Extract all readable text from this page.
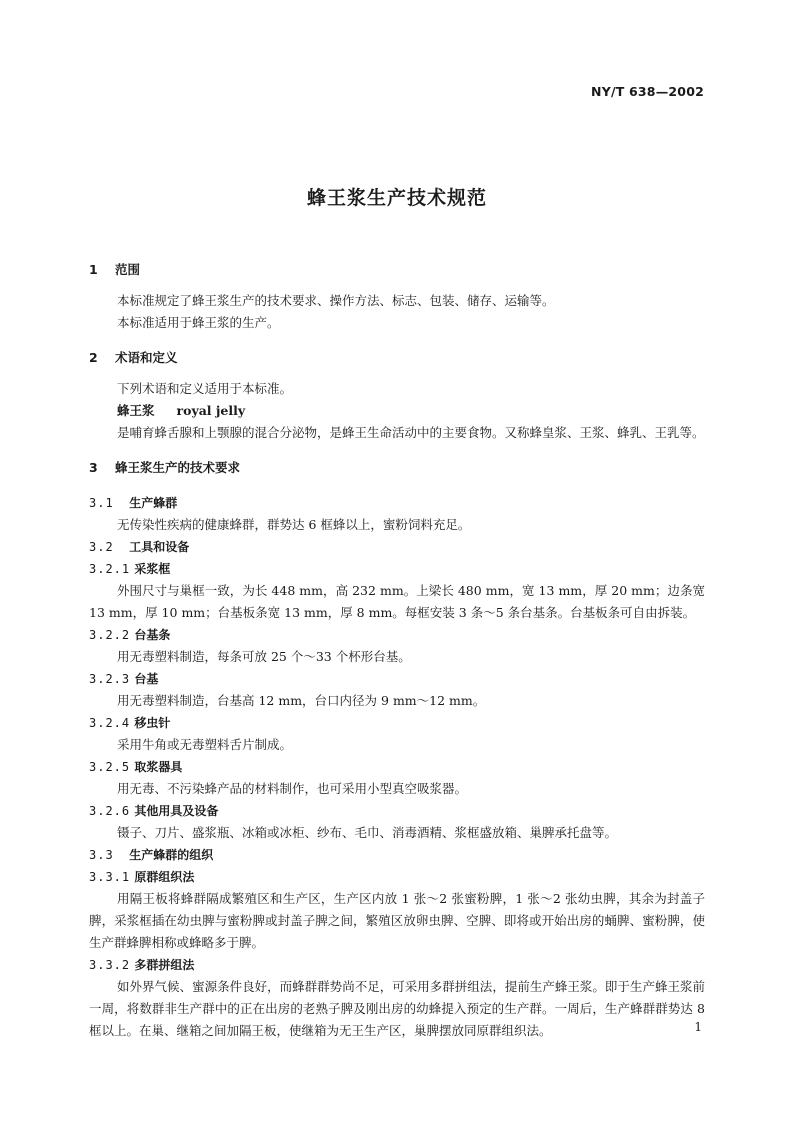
NY/T 638—2002
蜂王浆生产技术规范
1 范围

本标准规定了蜂王浆生产的技术要求、操作方法、标志、包装、储存、运输等。

本标准适用于蜂王浆的生产。

2 术语和定义

下列术语和定义适用于本标准。

蜂王浆 royal jelly

是哺育蜂舌腺和上颚腺的混合分泌物，是蜂王生命活动中的主要食物。又称蜂皇浆、王浆、蜂乳、王乳等。

3 蜂王浆生产的技术要求
3.1 生产蜂群

无传染性疾病的健康蜂群，群势达 6 框蜂以上，蜜粉饲料充足。

3.2 工具和设备
3.2.1 采浆框

外围尺寸与巢框一致，为长 448 mm，高 232 mm。上梁长 480 mm，宽 13 mm，厚 20 mm；边条宽 13 mm，厚 10 mm；台基板条宽 13 mm，厚 8 mm。每框安装 3 条～5 条台基条。台基板条可自由拆装。

3.2.2 台基条

用无毒塑料制造，每条可放 25 个～33 个杯形台基。

3.2.3 台基

用无毒塑料制造，台基高 12 mm，台口内径为 9 mm～12 mm。

3.2.4 移虫针

采用牛角或无毒塑料舌片制成。

3.2.5 取浆器具

用无毒、不污染蜂产品的材料制作，也可采用小型真空吸浆器。

3.2.6 其他用具及设备

镊子、刀片、盛浆瓶、冰箱或冰柜、纱布、毛巾、消毒酒精、浆框盛放箱、巢脾承托盘等。

3.3 生产蜂群的组织
3.3.1 原群组织法

用隔王板将蜂群隔成繁殖区和生产区，生产区内放 1 张～2 张蜜粉脾，1 张～2 张幼虫脾，其余为封盖子脾，采浆框插在幼虫脾与蜜粉脾或封盖子脾之间，繁殖区放卵虫脾、空脾、即将或开始出房的蛹脾、蜜粉脾，使生产群蜂脾相称或蜂略多于脾。

3.3.2 多群拼组法

如外界气候、蜜源条件良好，而蜂群群势尚不足，可采用多群拼组法，提前生产蜂王浆。即于生产蜂王浆前一周，将数群非生产群中的正在出房的老熟子脾及刚出房的幼蜂提入预定的生产群。一周后，生产蜂群群势达 8 框以上。在巢、继箱之间加隔王板，使继箱为无王生产区，巢脾摆放同原群组织法。	1
